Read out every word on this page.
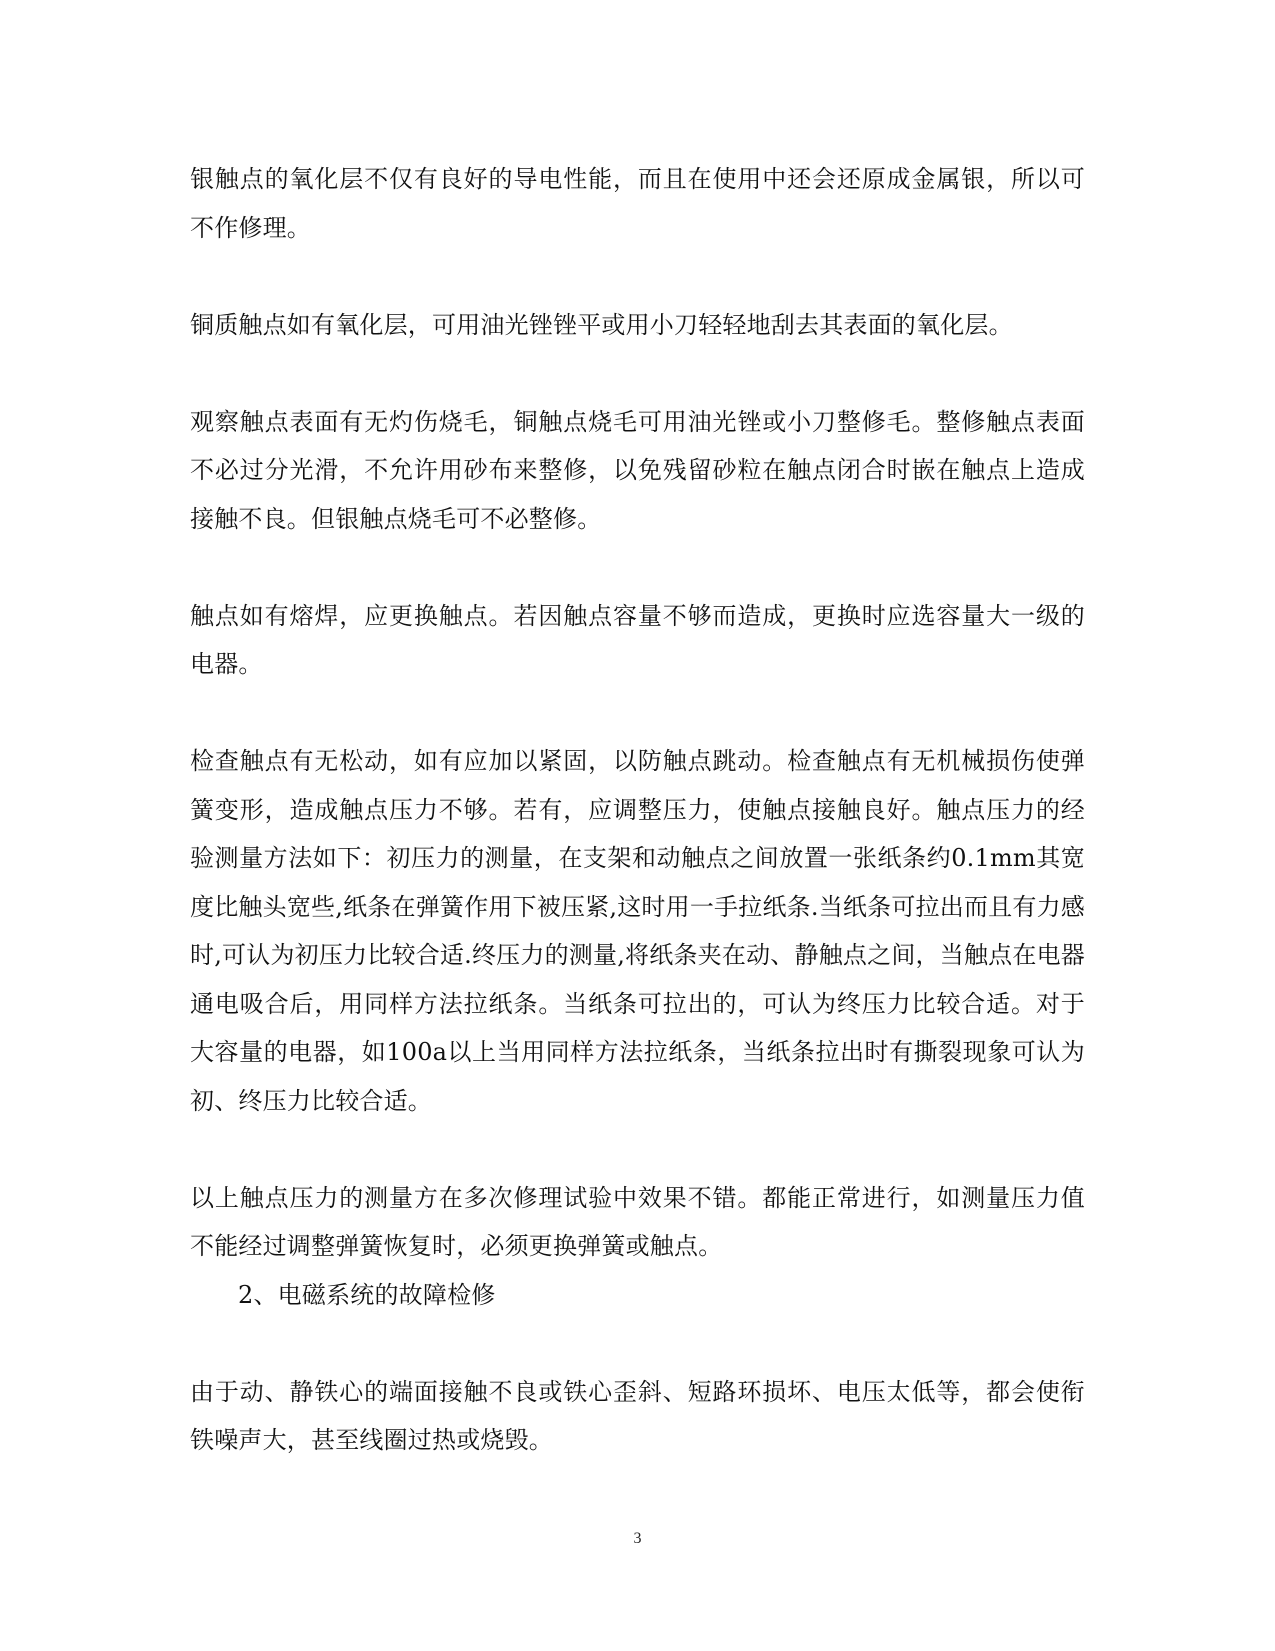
银触点的氧化层不仅有良好的导电性能，而且在使用中还会还原成金属银，所以可不作修理。

铜质触点如有氧化层，可用油光锉锉平或用小刀轻轻地刮去其表面的氧化层。

观察触点表面有无灼伤烧毛，铜触点烧毛可用油光锉或小刀整修毛。整修触点表面不必过分光滑，不允许用砂布来整修，以免残留砂粒在触点闭合时嵌在触点上造成接触不良。但银触点烧毛可不必整修。

触点如有熔焊，应更换触点。若因触点容量不够而造成，更换时应选容量大一级的电器。

检查触点有无松动，如有应加以紧固，以防触点跳动。检查触点有无机械损伤使弹簧变形，造成触点压力不够。若有，应调整压力，使触点接触良好。触点压力的经验测量方法如下：初压力的测量，在支架和动触点之间放置一张纸条约0.1mm其宽度比触头宽些,纸条在弹簧作用下被压紧,这时用一手拉纸条.当纸条可拉出而且有力感时,可认为初压力比较合适.终压力的测量,将纸条夹在动、静触点之间，当触点在电器通电吸合后，用同样方法拉纸条。当纸条可拉出的，可认为终压力比较合适。对于大容量的电器，如100a以上当用同样方法拉纸条，当纸条拉出时有撕裂现象可认为初、终压力比较合适。

以上触点压力的测量方在多次修理试验中效果不错。都能正常进行，如测量压力值不能经过调整弹簧恢复时，必须更换弹簧或触点。

2、电磁系统的故障检修

由于动、静铁心的端面接触不良或铁心歪斜、短路环损坏、电压太低等，都会使衔铁噪声大，甚至线圈过热或烧毁。

3
